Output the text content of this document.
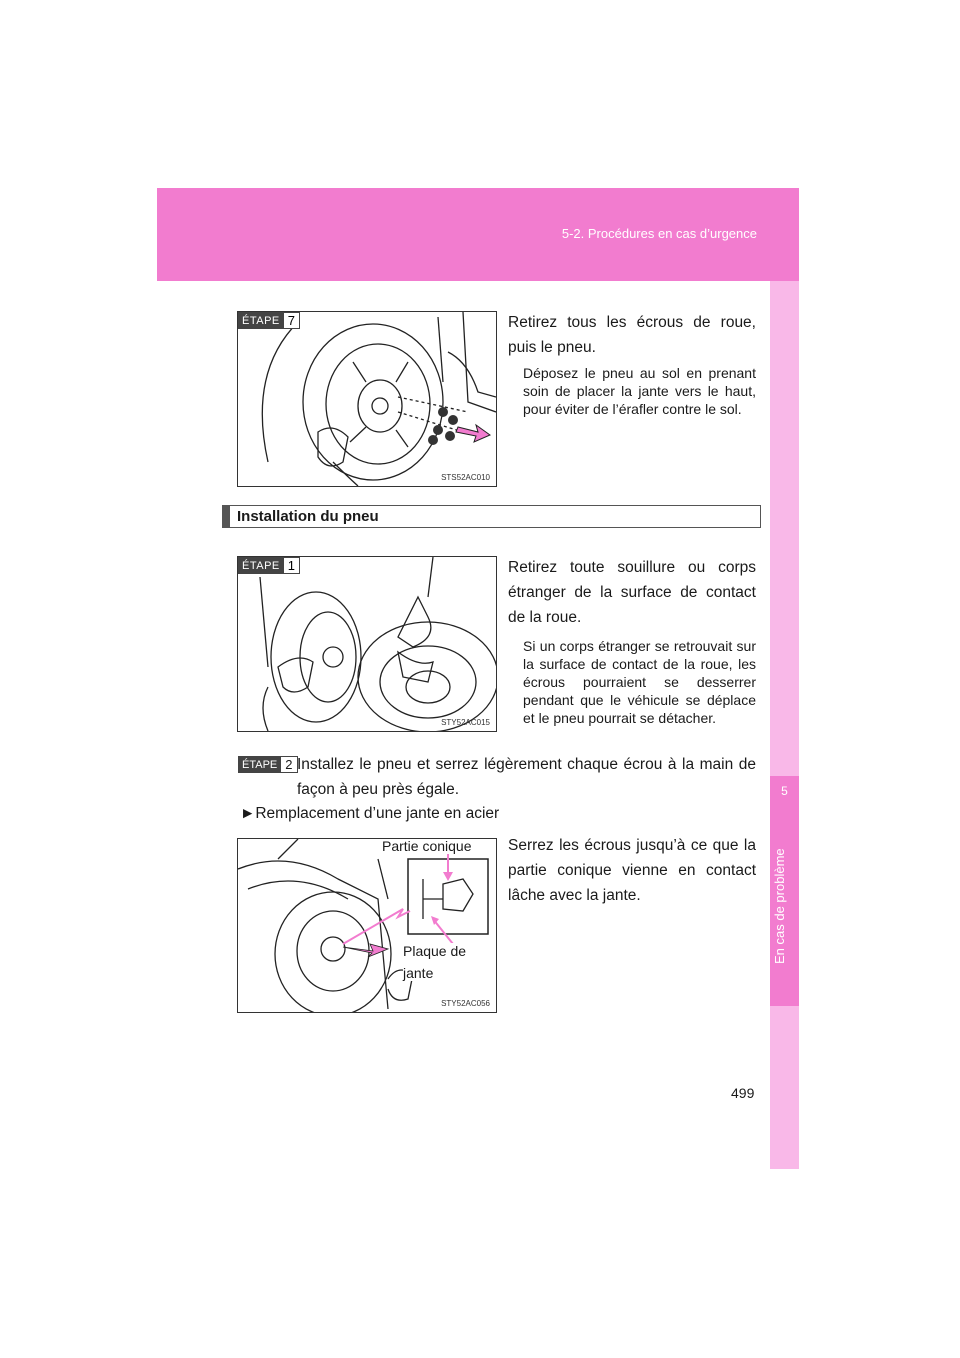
5-2. Procédures en cas d’urgence
5
En cas de problème
ÉTAPE 7
STS52AC010
Retirez tous les écrous de roue, puis le pneu.
Déposez le pneu au sol en prenant soin de placer la jante vers le haut, pour éviter de l’érafler contre le sol.
Installation du pneu
ÉTAPE 1
STY52AC015
Retirez toute souillure ou corps étranger de la surface de contact de la roue.
Si un corps étranger se retrouvait sur la surface de contact de la roue, les écrous pourraient se desserrer pendant que le véhicule se déplace et le pneu pourrait se détacher.
ÉTAPE 2 Installez le pneu et serrez légèrement chaque écrou à la main de façon à peu près égale.
►Remplacement d’une jante en acier
Partie conique
Plaque de
jante
STY52AC056
Serrez les écrous jusqu’à ce que la partie conique vienne en contact lâche avec la jante.
499
